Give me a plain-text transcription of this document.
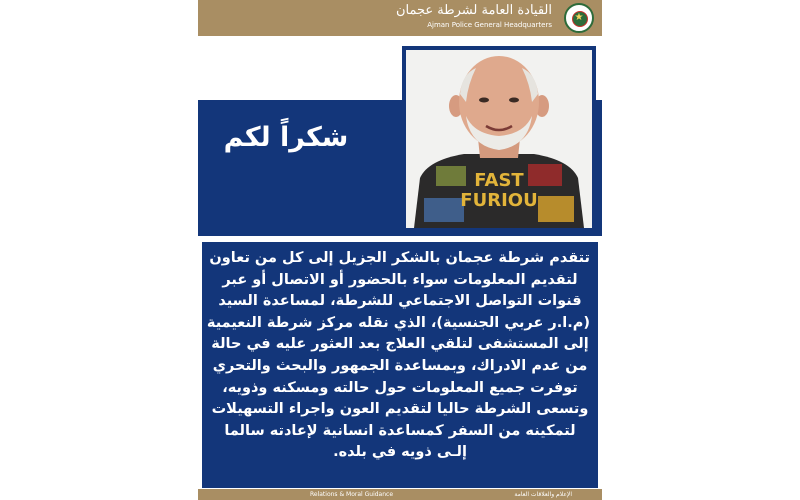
★
القيادة العامة لشرطة عجمان
Ajman Police General Headquarters
شكراً لكم
FAST
FURIOU

تتقدم شرطة عجمان بالشكر الجزيل إلى كل من تعاون
لتقديم المعلومات سواء بالحضور أو الاتصال أو عبر
قنوات التواصل الاجتماعي للشرطة، لمساعدة السيد
(م.ا.ر عربي الجنسية)، الذي نقله مركز شرطة النعيمية
إلى المستشفى لتلقي العلاج بعد العثور عليه في حالة
من عدم الادراك، وبمساعدة الجمهور والبحث والتحري
توفرت جميع المعلومات حول حالته ومسكنه وذويه،
وتسعى الشرطة حاليا لتقديم العون واجراء التسهيلات
لتمكينه من السفر كمساعدة انسانية لإعادته سالما
إلـى ذويه في بلده.

Relations & Moral Guidance	الإعلام والعلاقات العامة
